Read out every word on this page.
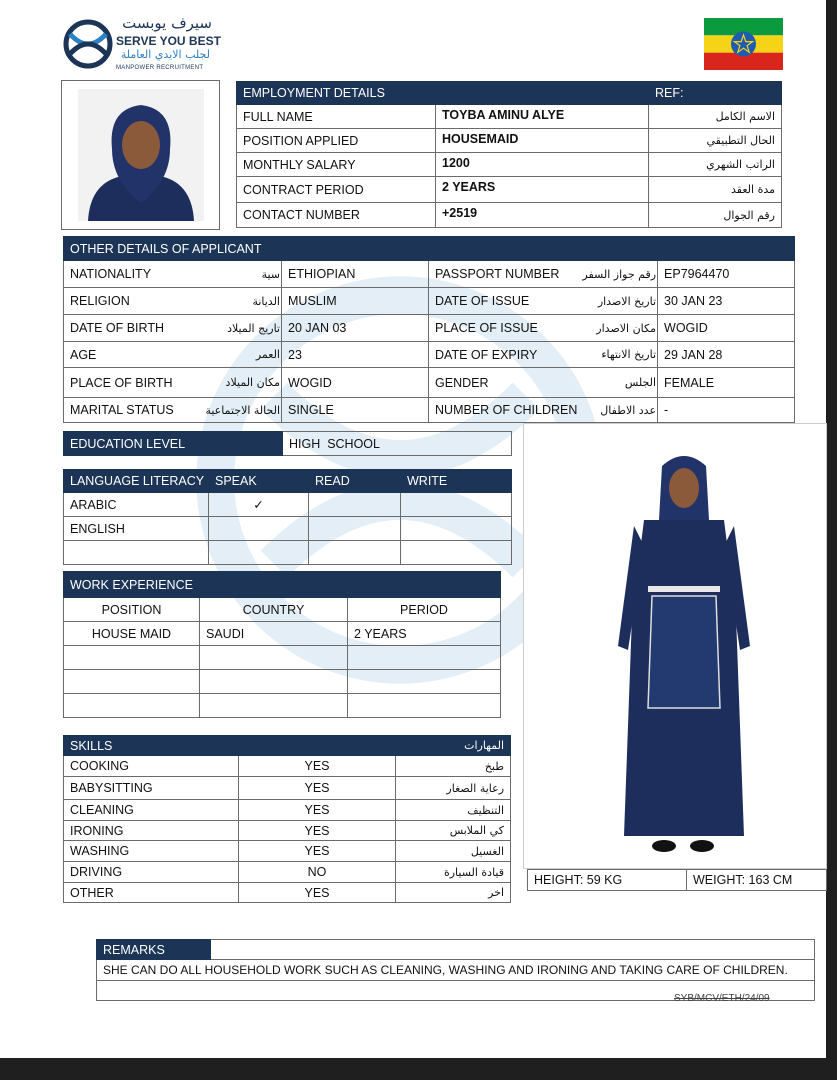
سيرف يوبست
SERVE YOU BEST
لجلب الايدي العاملة
MANPOWER RECRUITMENT
EMPLOYMENT DETAILS		REF:
FULL NAME	TOYBA AMINU ALYE	الاسم الكامل
POSITION APPLIED	HOUSEMAID	الحال التطبيقي
MONTHLY SALARY	1200	الراتب الشهري
CONTRACT PERIOD	2 YEARS	مدة العقد
CONTACT NUMBER	+2519	رقم الجوال
OTHER DETAILS OF APPLICANT					
NATIONALITY	سية	ETHIOPIAN	PASSPORT NUMBER	رقم جواز السفر	EP7964470
RELIGION	الديانة	MUSLIM	DATE OF ISSUE	تاريخ الاصدار	30 JAN 23
DATE OF BIRTH	تاريج الميلاد	20 JAN 03	PLACE OF ISSUE	مكان الاصدار	WOGID
AGE	العمر	23	DATE OF EXPIRY	تاريخ الانتهاء	29 JAN 28
PLACE OF BIRTH	مكان الميلاد	WOGID	GENDER	الجلس	FEMALE
MARITAL STATUS	الحالة الاجتماعية	SINGLE	NUMBER OF CHILDREN	عدد الاطفال	-
EDUCATION LEVEL	HIGH  SCHOOL
LANGUAGE LITERACY	SPEAK	READ	WRITE
ARABIC	✓		
ENGLISH			

WORK EXPERIENCE		
POSITION	COUNTRY	PERIOD
HOUSE MAID	SAUDI	2 YEARS

SKILLS		المهارات
COOKING	YES	طبخ
BABYSITTING	YES	رعاية الصغار
CLEANING	YES	التنظيف
IRONING	YES	كي الملابس
WASHING	YES	الغسيل
DRIVING	NO	قيادة السيارة
OTHER	YES	اخر
HEIGHT: 59 KG	WEIGHT: 163 CM
REMARKS	
SHE CAN DO ALL HOUSEHOLD WORK SUCH AS CLEANING, WASHING AND IRONING AND TAKING CARE OF CHILDREN.

SYB/MCV/ETH/24/09
